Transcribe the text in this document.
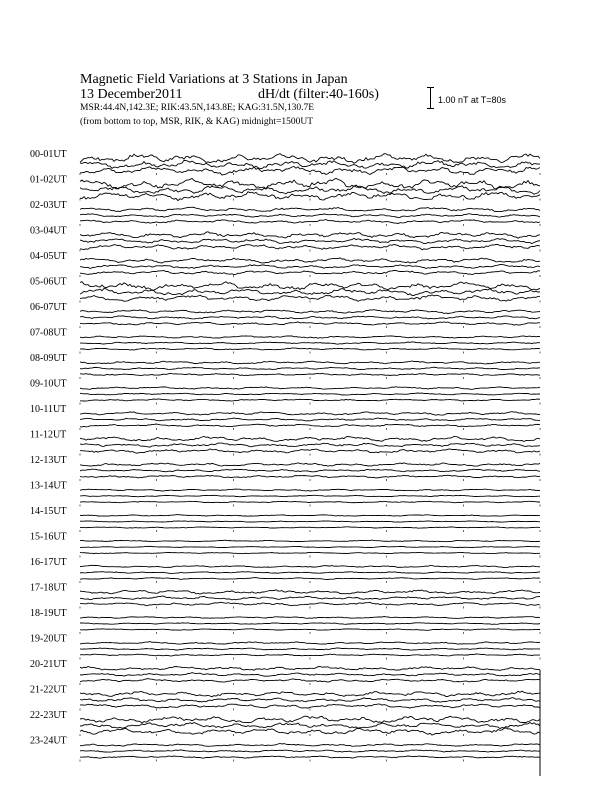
Magnetic Field Variations at 3 Stations in Japan
13 December2011	dH/dt (filter:40-160s)
MSR:44.4N,142.3E; RIK:43.5N,143.8E; KAG:31.5N,130.7E
(from bottom to top, MSR, RIK, & KAG) midnight=1500UT
1.00 nT at T=80s
00-01UT
01-02UT
02-03UT
03-04UT
04-05UT
05-06UT
06-07UT
07-08UT
08-09UT
09-10UT
10-11UT
11-12UT
12-13UT
13-14UT
14-15UT
15-16UT
16-17UT
17-18UT
18-19UT
19-20UT
20-21UT
21-22UT
22-23UT
23-24UT
